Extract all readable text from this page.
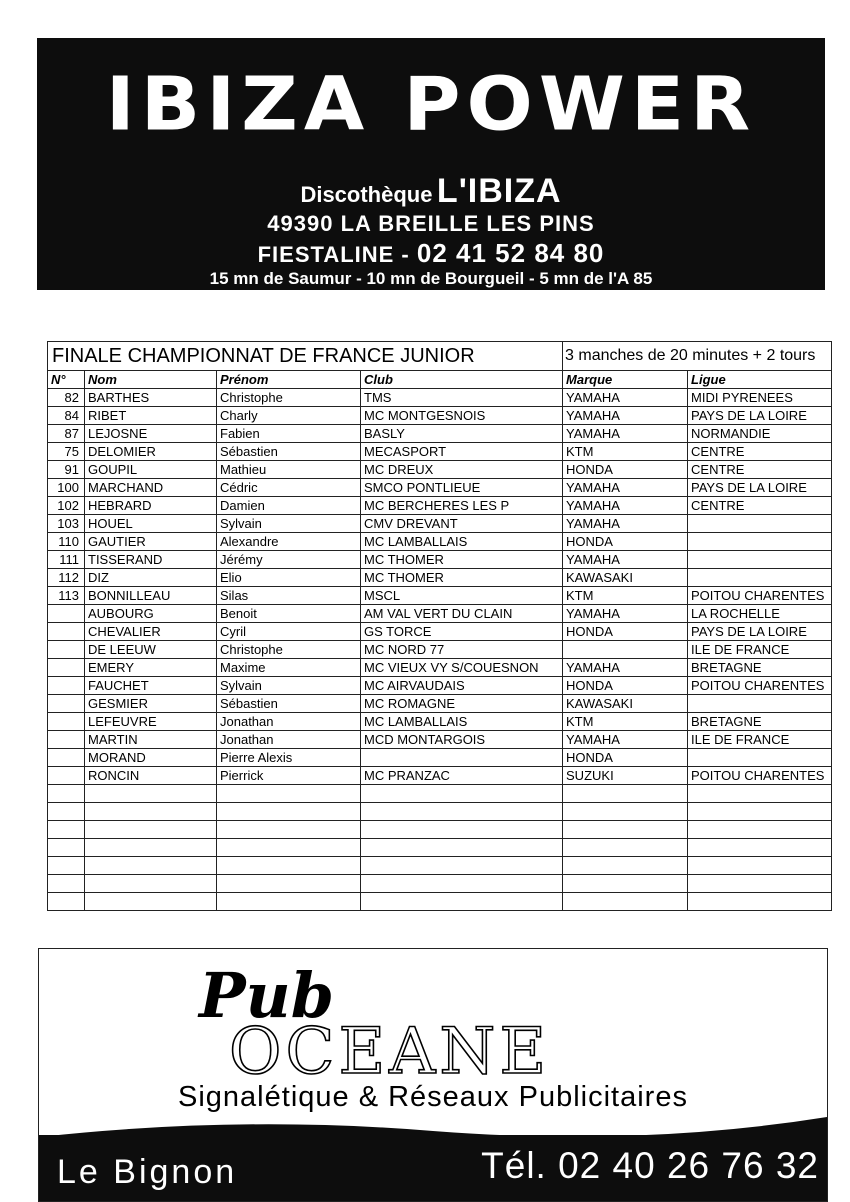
IBIZA POWER
Discothèque L'IBIZA
49390 LA BREILLE LES PINS
FIESTALINE - 02 41 52 84 80
15 mn de Saumur - 10 mn de Bourgueil - 5 mn de l'A 85
www.euronight.com/ibiza
FINALE CHAMPIONNAT DE FRANCE JUNIOR				3 manches de 20 minutes + 2 tours	
N°	Nom	Prénom	Club	Marque	Ligue
82	BARTHES	Christophe	TMS	YAMAHA	MIDI PYRENEES
84	RIBET	Charly	MC MONTGESNOIS	YAMAHA	PAYS DE LA LOIRE
87	LEJOSNE	Fabien	BASLY	YAMAHA	NORMANDIE
75	DELOMIER	Sébastien	MECASPORT	KTM	CENTRE
91	GOUPIL	Mathieu	MC DREUX	HONDA	CENTRE
100	MARCHAND	Cédric	SMCO PONTLIEUE	YAMAHA	PAYS DE LA LOIRE
102	HEBRARD	Damien	MC BERCHERES LES P	YAMAHA	CENTRE
103	HOUEL	Sylvain	CMV DREVANT	YAMAHA	
110	GAUTIER	Alexandre	MC LAMBALLAIS	HONDA	
111	TISSERAND	Jérémy	MC THOMER	YAMAHA	
112	DIZ	Elio	MC THOMER	KAWASAKI	
113	BONNILLEAU	Silas	MSCL	KTM	POITOU CHARENTES
	AUBOURG	Benoit	AM VAL VERT DU CLAIN	YAMAHA	LA ROCHELLE
	CHEVALIER	Cyril	GS TORCE	HONDA	PAYS DE LA LOIRE
	DE LEEUW	Christophe	MC NORD 77		ILE DE FRANCE
	EMERY	Maxime	MC VIEUX VY S/COUESNON	YAMAHA	BRETAGNE
	FAUCHET	Sylvain	MC AIRVAUDAIS	HONDA	POITOU CHARENTES
	GESMIER	Sébastien	MC ROMAGNE	KAWASAKI	
	LEFEUVRE	Jonathan	MC LAMBALLAIS	KTM	BRETAGNE
	MARTIN	Jonathan	MCD MONTARGOIS	YAMAHA	ILE DE FRANCE
	MORAND	Pierre Alexis		HONDA	
	RONCIN	Pierrick	MC PRANZAC	SUZUKI	POITOU CHARENTES

Pub
OCEANE
Signalétique & Réseaux Publicitaires
Le Bignon	Tél. 02 40 26 76 32
